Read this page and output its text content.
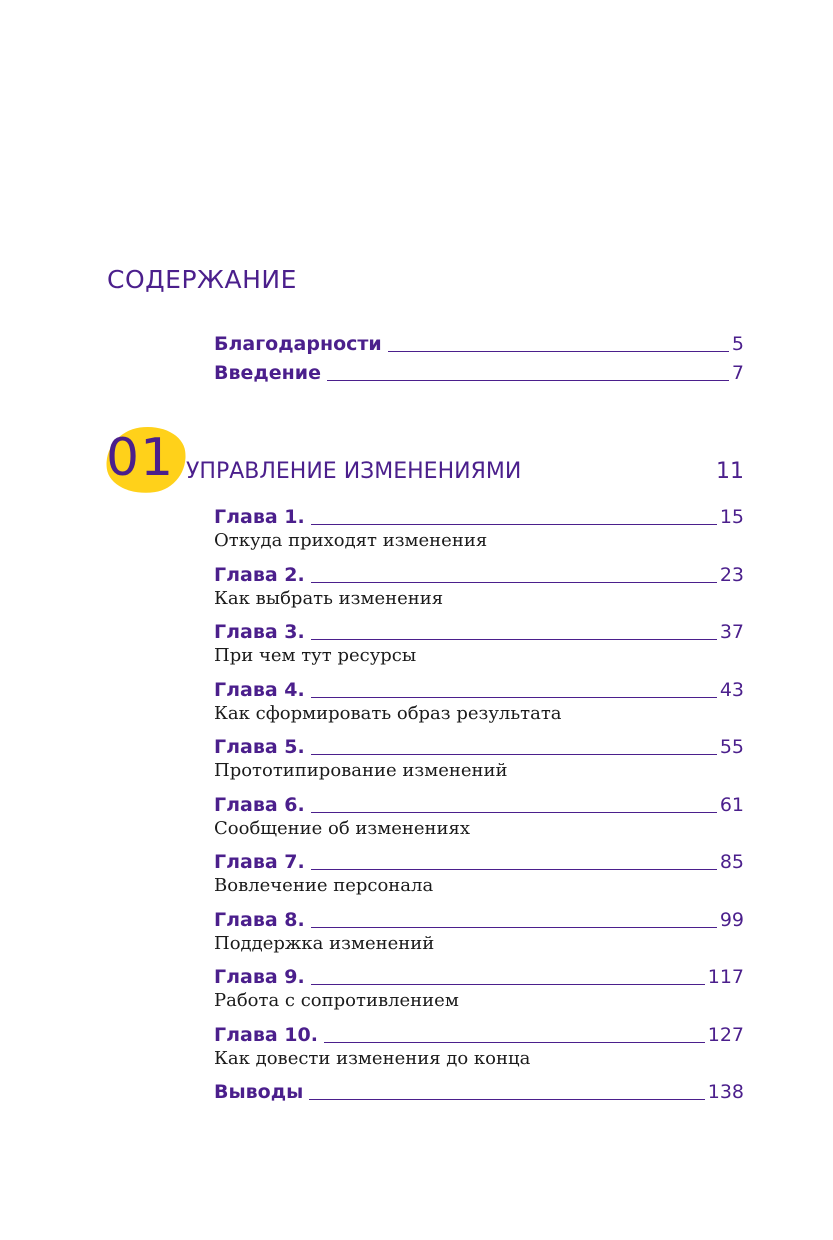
СОДЕРЖАНИЕ
Благодарности	5
Введение	7
01 УПРАВЛЕНИЕ ИЗМЕНЕНИЯМИ	11
Глава 1.	15
Откуда приходят изменения
Глава 2.	23
Как выбрать изменения
Глава 3.	37
При чем тут ресурсы
Глава 4.	43
Как сформировать образ результата
Глава 5.	55
Прототипирование изменений
Глава 6.	61
Сообщение об изменениях
Глава 7.	85
Вовлечение персонала
Глава 8.	99
Поддержка изменений
Глава 9.	117
Работа с сопротивлением
Глава 10.	127
Как довести изменения до конца
Выводы	138
